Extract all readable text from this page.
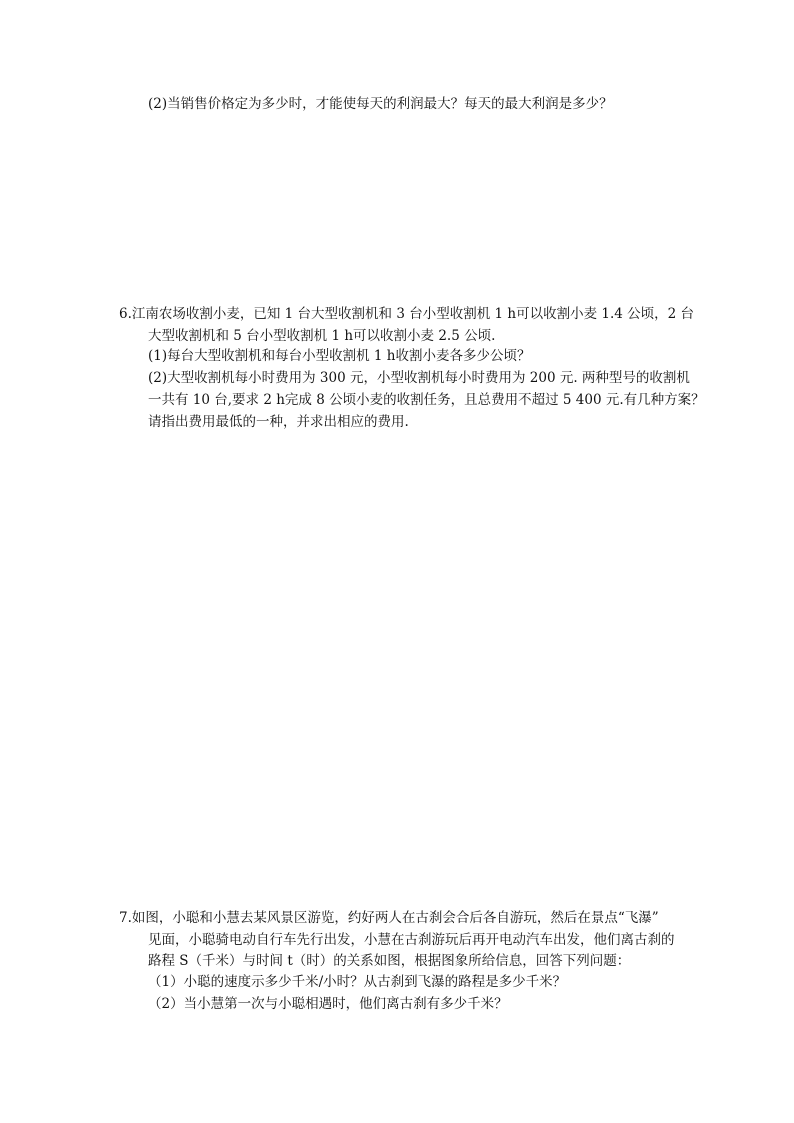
(2)当销售价格定为多少时，才能使每天的利润最大？每天的最大利润是多少？
6.江南农场收割小麦，已知 1 台大型收割机和 3 台小型收割机 1 h可以收割小麦 1.4 公顷，2 台
大型收割机和 5 台小型收割机 1 h可以收割小麦 2.5 公顷.
(1)每台大型收割机和每台小型收割机 1 h收割小麦各多少公顷？
(2)大型收割机每小时费用为 300 元，小型收割机每小时费用为 200 元. 两种型号的收割机
一共有 10 台,要求 2 h完成 8 公顷小麦的收割任务，且总费用不超过 5 400 元.有几种方案？
请指出费用最低的一种，并求出相应的费用.
7.如图，小聪和小慧去某风景区游览，约好两人在古刹会合后各自游玩，然后在景点“飞瀑”
见面，小聪骑电动自行车先行出发，小慧在古刹游玩后再开电动汽车出发，他们离古刹的
路程 S（千米）与时间 t（时）的关系如图，根据图象所给信息，回答下列问题：
（1）小聪的速度示多少千米/小时？从古刹到飞瀑的路程是多少千米？
（2）当小慧第一次与小聪相遇时，他们离古刹有多少千米？
